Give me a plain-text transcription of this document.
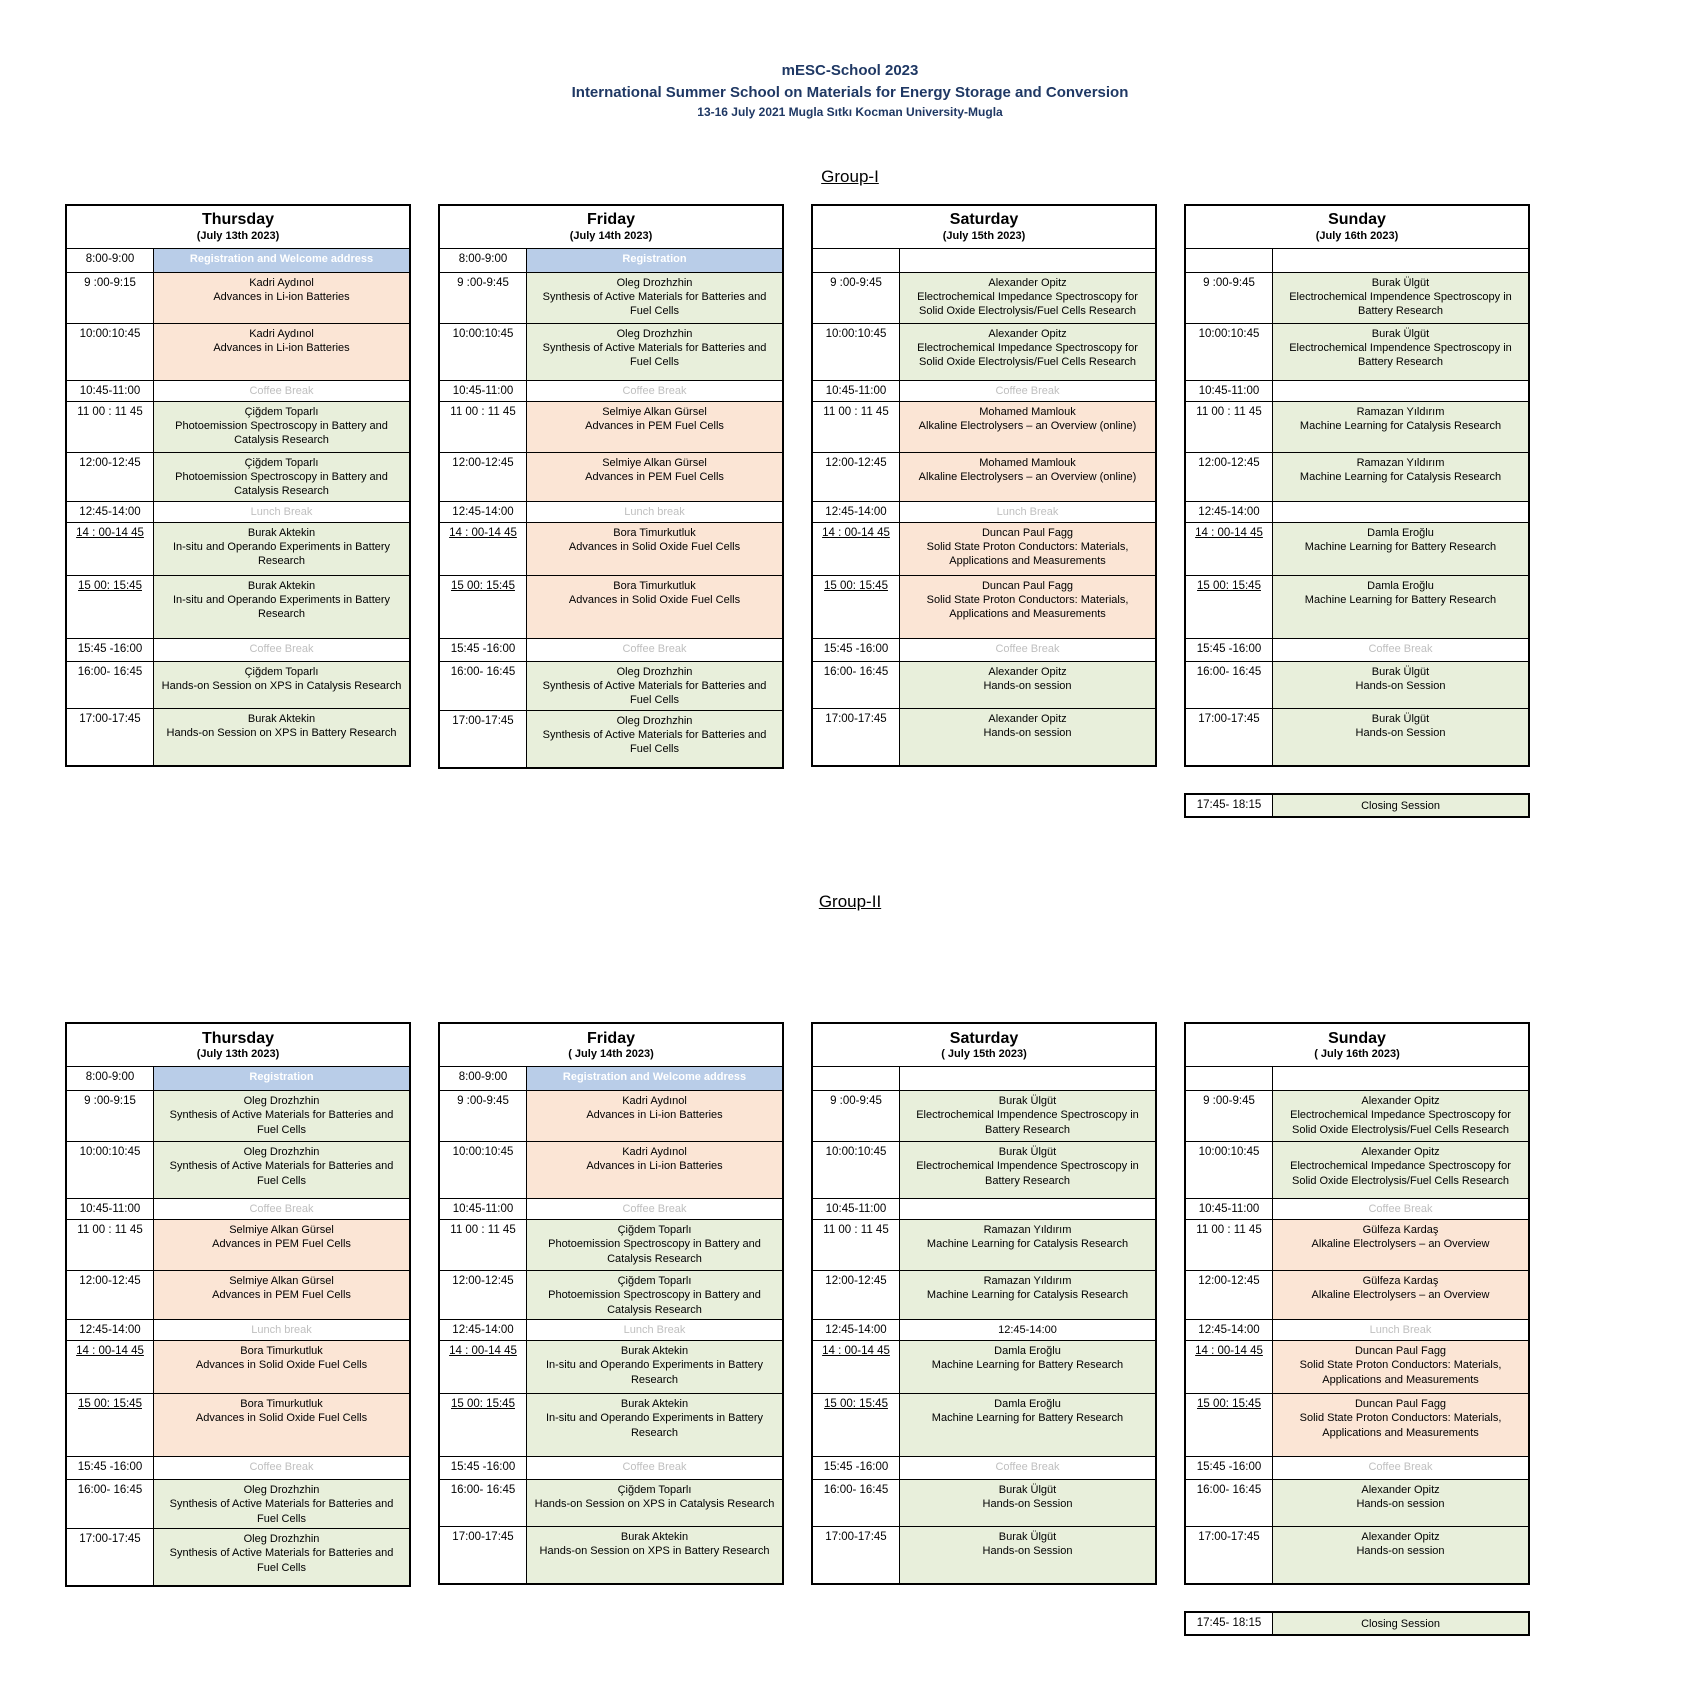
mESC-School 2023
International Summer School on Materials for Energy Storage and Conversion
13-16 July 2021 Mugla Sıtkı Kocman University-Mugla
Group-I
Thursday
(July 13th 2023)
8:00-9:00	Registration and Welcome address
9 :00-9:15	Kadri Aydınol
Advances in Li-ion Batteries
10:00:10:45	Kadri Aydınol
Advances in Li-ion Batteries
10:45-11:00	Coffee Break
11 00 : 11 45	Çiğdem Toparlı
Photoemission Spectroscopy in Battery and Catalysis Research
12:00-12:45	Çiğdem Toparlı
Photoemission Spectroscopy in Battery and Catalysis Research
12:45-14:00	Lunch Break
14 : 00-14 45	Burak Aktekin
In-situ and Operando Experiments in Battery Research
15 00: 15:45	Burak Aktekin
In-situ and Operando Experiments in Battery Research
15:45 -16:00	Coffee Break
16:00- 16:45	Çiğdem Toparlı
Hands-on Session on XPS in Catalysis Research
17:00-17:45	Burak Aktekin
Hands-on Session on XPS in Battery Research
Friday
(July 14th 2023)
8:00-9:00	Registration
9 :00-9:45	Oleg Drozhzhin
Synthesis of Active Materials for Batteries and Fuel Cells
10:00:10:45	Oleg Drozhzhin
Synthesis of Active Materials for Batteries and Fuel Cells
10:45-11:00	Coffee Break
11 00 : 11 45	Selmiye Alkan Gürsel
Advances in PEM Fuel Cells
12:00-12:45	Selmiye Alkan Gürsel
Advances in PEM Fuel Cells
12:45-14:00	Lunch break
14 : 00-14 45	Bora Timurkutluk
Advances in Solid Oxide Fuel Cells
15 00: 15:45	Bora Timurkutluk
Advances in Solid Oxide Fuel Cells
15:45 -16:00	Coffee Break
16:00- 16:45	Oleg Drozhzhin
Synthesis of Active Materials for Batteries and Fuel Cells
17:00-17:45	Oleg Drozhzhin
Synthesis of Active Materials for Batteries and Fuel Cells
Saturday
(July 15th 2023)
9 :00-9:45	Alexander Opitz
Electrochemical Impedance Spectroscopy for Solid Oxide Electrolysis/Fuel Cells Research
10:00:10:45	Alexander Opitz
Electrochemical Impedance Spectroscopy for Solid Oxide Electrolysis/Fuel Cells Research
10:45-11:00	Coffee Break
11 00 : 11 45	Mohamed Mamlouk
Alkaline Electrolysers – an Overview (online)
12:00-12:45	Mohamed Mamlouk
Alkaline Electrolysers – an Overview (online)
12:45-14:00	Lunch Break
14 : 00-14 45	Duncan Paul Fagg
Solid State Proton Conductors: Materials, Applications and Measurements
15 00: 15:45	Duncan Paul Fagg
Solid State Proton Conductors: Materials, Applications and Measurements
15:45 -16:00	Coffee Break
16:00- 16:45	Alexander Opitz
Hands-on session
17:00-17:45	Alexander Opitz
Hands-on session
Sunday
(July 16th 2023)
9 :00-9:45	Burak Ülgüt
Electrochemical Impendence Spectroscopy in Battery Research
10:00:10:45	Burak Ülgüt
Electrochemical Impendence Spectroscopy in Battery Research
10:45-11:00
11 00 : 11 45	Ramazan Yıldırım
Machine Learning for Catalysis Research
12:00-12:45	Ramazan Yıldırım
Machine Learning for Catalysis Research
12:45-14:00
14 : 00-14 45	Damla Eroğlu
Machine Learning for Battery Research
15 00: 15:45	Damla Eroğlu
Machine Learning for Battery Research
15:45 -16:00	Coffee Break
16:00- 16:45	Burak Ülgüt
Hands-on Session
17:00-17:45	Burak Ülgüt
Hands-on Session
17:45- 18:15	Closing Session
Group-II
Thursday
(July 13th 2023)
8:00-9:00	Registration
9 :00-9:15	Oleg Drozhzhin
Synthesis of Active Materials for Batteries and Fuel Cells
10:00:10:45	Oleg Drozhzhin
Synthesis of Active Materials for Batteries and Fuel Cells
10:45-11:00	Coffee Break
11 00 : 11 45	Selmiye Alkan Gürsel
Advances in PEM Fuel Cells
12:00-12:45	Selmiye Alkan Gürsel
Advances in PEM Fuel Cells
12:45-14:00	Lunch break
14 : 00-14 45	Bora Timurkutluk
Advances in Solid Oxide Fuel Cells
15 00: 15:45	Bora Timurkutluk
Advances in Solid Oxide Fuel Cells
15:45 -16:00	Coffee Break
16:00- 16:45	Oleg Drozhzhin
Synthesis of Active Materials for Batteries and Fuel Cells
17:00-17:45	Oleg Drozhzhin
Synthesis of Active Materials for Batteries and Fuel Cells
Friday
( July 14th 2023)
8:00-9:00	Registration and Welcome address
9 :00-9:45	Kadri Aydınol
Advances in Li-ion Batteries
10:00:10:45	Kadri Aydınol
Advances in Li-ion Batteries
10:45-11:00	Coffee Break
11 00 : 11 45	Çiğdem Toparlı
Photoemission Spectroscopy in Battery and Catalysis Research
12:00-12:45	Çiğdem Toparlı
Photoemission Spectroscopy in Battery and Catalysis Research
12:45-14:00	Lunch Break
14 : 00-14 45	Burak Aktekin
In-situ and Operando Experiments in Battery Research
15 00: 15:45	Burak Aktekin
In-situ and Operando Experiments in Battery Research
15:45 -16:00	Coffee Break
16:00- 16:45	Çiğdem Toparlı
Hands-on Session on XPS in Catalysis Research
17:00-17:45	Burak Aktekin
Hands-on Session on XPS in Battery Research
Saturday
( July 15th 2023)
9 :00-9:45	Burak Ülgüt
Electrochemical Impendence Spectroscopy in Battery Research
10:00:10:45	Burak Ülgüt
Electrochemical Impendence Spectroscopy in Battery Research
10:45-11:00
11 00 : 11 45	Ramazan Yıldırım
Machine Learning for Catalysis Research
12:00-12:45	Ramazan Yıldırım
Machine Learning for Catalysis Research
12:45-14:00	12:45-14:00
14 : 00-14 45	Damla Eroğlu
Machine Learning for Battery Research
15 00: 15:45	Damla Eroğlu
Machine Learning for Battery Research
15:45 -16:00	Coffee Break
16:00- 16:45	Burak Ülgüt
Hands-on Session
17:00-17:45	Burak Ülgüt
Hands-on Session
Sunday
( July 16th 2023)
9 :00-9:45	Alexander Opitz
Electrochemical Impedance Spectroscopy for Solid Oxide Electrolysis/Fuel Cells Research
10:00:10:45	Alexander Opitz
Electrochemical Impedance Spectroscopy for Solid Oxide Electrolysis/Fuel Cells Research
10:45-11:00	Coffee Break
11 00 : 11 45	Gülfeza Kardaş
Alkaline Electrolysers – an Overview
12:00-12:45	Gülfeza Kardaş
Alkaline Electrolysers – an Overview
12:45-14:00	Lunch Break
14 : 00-14 45	Duncan Paul Fagg
Solid State Proton Conductors: Materials, Applications and Measurements
15 00: 15:45	Duncan Paul Fagg
Solid State Proton Conductors: Materials, Applications and Measurements
15:45 -16:00	Coffee Break
16:00- 16:45	Alexander Opitz
Hands-on session
17:00-17:45	Alexander Opitz
Hands-on session
17:45- 18:15	Closing Session
